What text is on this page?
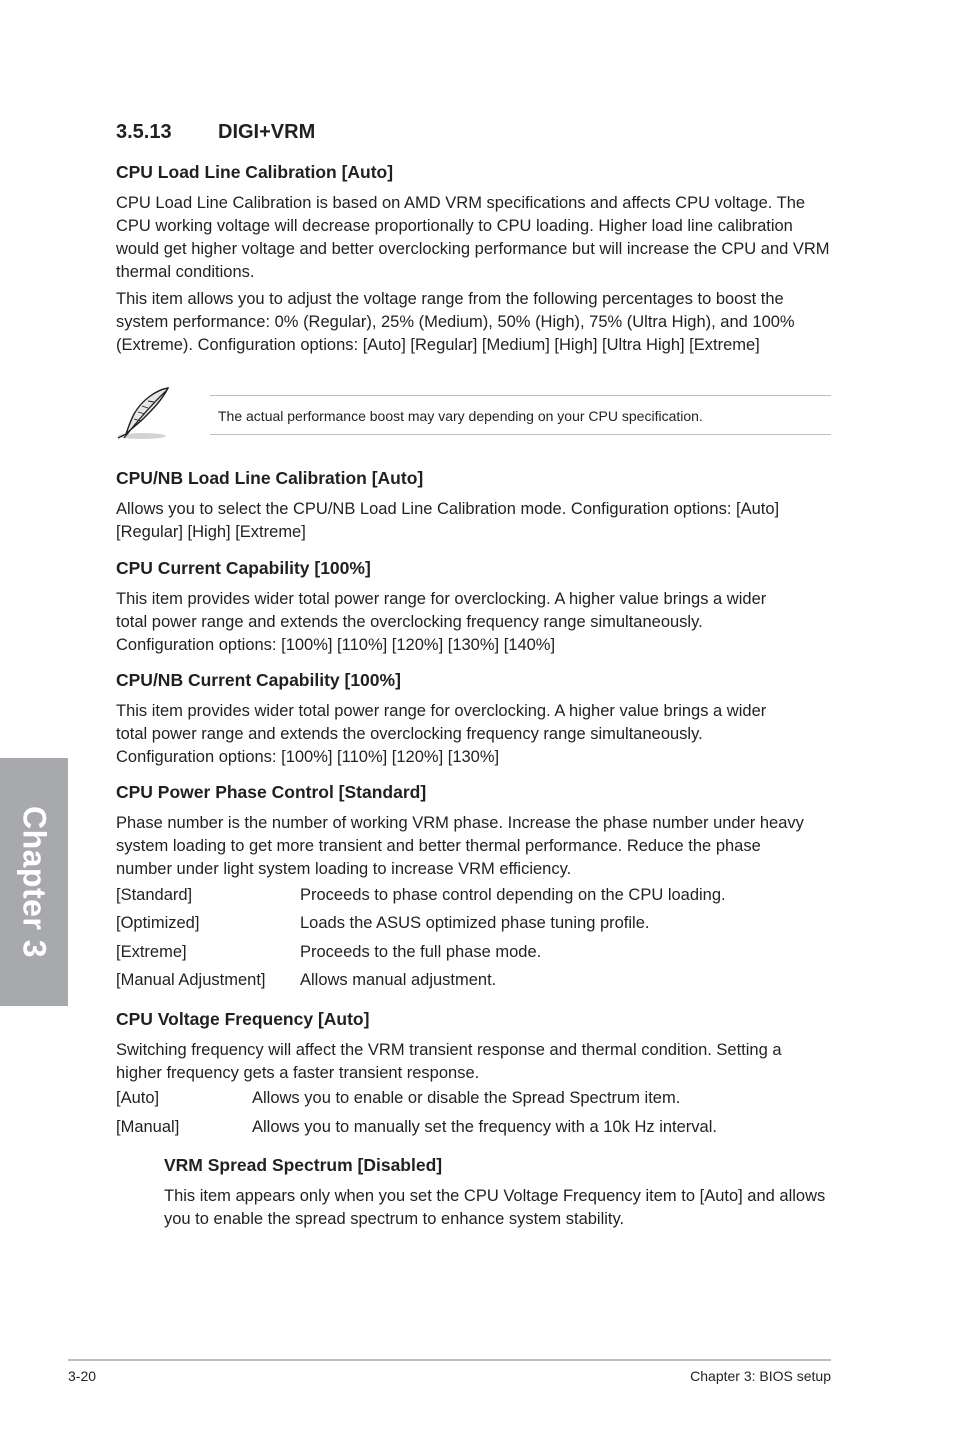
3.5.13 DIGI+VRM
CPU Load Line Calibration [Auto]

CPU Load Line Calibration is based on AMD VRM specifications and affects CPU voltage. The CPU working voltage will decrease proportionally to CPU loading. Higher load line calibration would get higher voltage and better overclocking performance but will increase the CPU and VRM thermal conditions.

This item allows you to adjust the voltage range from the following percentages to boost the system performance: 0% (Regular), 25% (Medium), 50% (High), 75% (Ultra High), and 100% (Extreme). Configuration options: [Auto] [Regular] [Medium] [High] [Ultra High] [Extreme]

The actual performance boost may vary depending on your CPU specification.
CPU/NB Load Line Calibration [Auto]

Allows you to select the CPU/NB Load Line Calibration mode. Configuration options: [Auto] [Regular] [High] [Extreme]

CPU Current Capability [100%]

This item provides wider total power range for overclocking. A higher value brings a wider total power range and extends the overclocking frequency range simultaneously. Configuration options: [100%] [110%] [120%] [130%] [140%]

CPU/NB Current Capability [100%]

This item provides wider total power range for overclocking. A higher value brings a wider total power range and extends the overclocking frequency range simultaneously. Configuration options: [100%] [110%] [120%] [130%]

CPU Power Phase Control [Standard]

Phase number is the number of working VRM phase. Increase the phase number under heavy system loading to get more transient and better thermal performance. Reduce the phase number under light system loading to increase VRM efficiency.

[Standard]	Proceeds to phase control depending on the CPU loading.
[Optimized]	Loads the ASUS optimized phase tuning profile.
[Extreme]	Proceeds to the full phase mode.
[Manual Adjustment] Allows manual adjustment.
CPU Voltage Frequency [Auto]

Switching frequency will affect the VRM transient response and thermal condition. Setting a higher frequency gets a faster transient response.

[Auto]	Allows you to enable or disable the Spread Spectrum item.
[Manual]	Allows you to manually set the frequency with a 10k Hz interval.
VRM Spread Spectrum [Disabled]

This item appears only when you set the CPU Voltage Frequency item to [Auto] and allows you to enable the spread spectrum to enhance system stability.

Chapter 3
3-20	Chapter 3: BIOS setup
